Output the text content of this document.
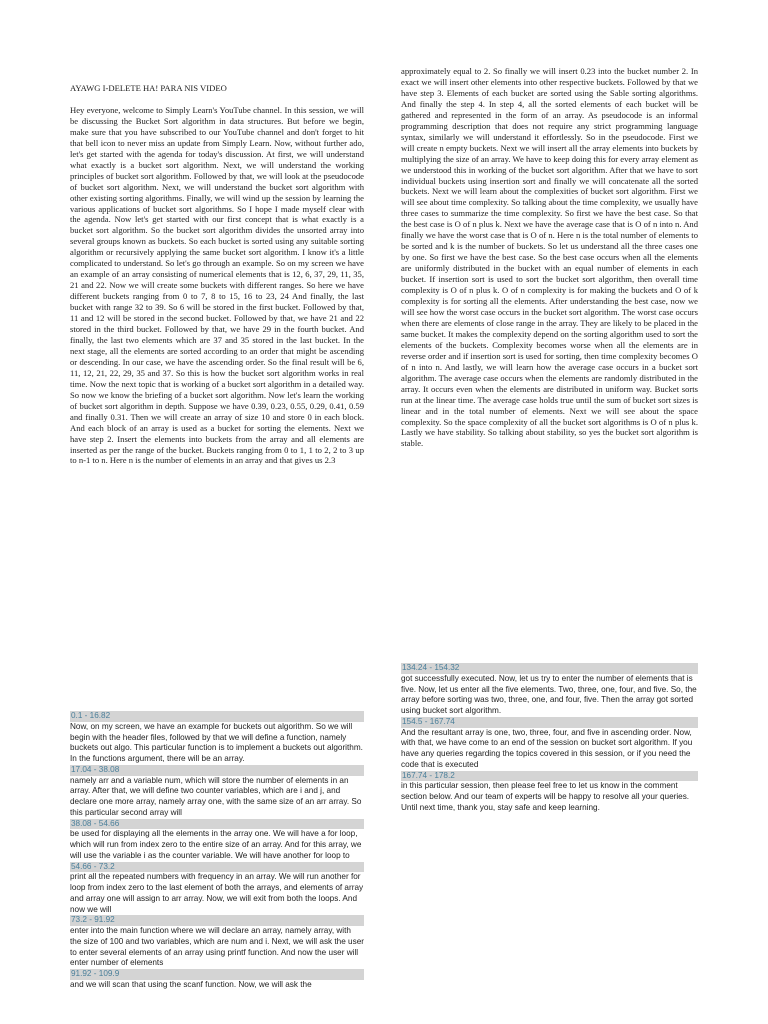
AYAWG I-DELETE HA! PARA NIS VIDEO

Hey everyone, welcome to Simply Learn's YouTube channel. In this session, we will be discussing the Bucket Sort algorithm in data structures. But before we begin, make sure that you have subscribed to our YouTube channel and don't forget to hit that bell icon to never miss an update from Simply Learn. Now, without further ado, let's get started with the agenda for today's discussion. At first, we will understand what exactly is a bucket sort algorithm. Next, we will understand the working principles of bucket sort algorithm. Followed by that, we will look at the pseudocode of bucket sort algorithm. Next, we will understand the bucket sort algorithm with other existing sorting algorithms. Finally, we will wind up the session by learning the various applications of bucket sort algorithms. So I hope I made myself clear with the agenda. Now let's get started with our first concept that is what exactly is a bucket sort algorithm. So the bucket sort algorithm divides the unsorted array into several groups known as buckets. So each bucket is sorted using any suitable sorting algorithm or recursively applying the same bucket sort algorithm. I know it's a little complicated to understand. So let's go through an example. So on my screen we have an example of an array consisting of numerical elements that is 12, 6, 37, 29, 11, 35, 21 and 22. Now we will create some buckets with different ranges. So here we have different buckets ranging from 0 to 7, 8 to 15, 16 to 23, 24 And finally, the last bucket with range 32 to 39. So 6 will be stored in the first bucket. Followed by that, 11 and 12 will be stored in the second bucket. Followed by that, we have 21 and 22 stored in the third bucket. Followed by that, we have 29 in the fourth bucket. And finally, the last two elements which are 37 and 35 stored in the last bucket. In the next stage, all the elements are sorted according to an order that might be ascending or descending. In our case, we have the ascending order. So the final result will be 6, 11, 12, 21, 22, 29, 35 and 37. So this is how the bucket sort algorithm works in real time. Now the next topic that is working of a bucket sort algorithm in a detailed way. So now we know the briefing of a bucket sort algorithm. Now let's learn the working of bucket sort algorithm in depth. Suppose we have 0.39, 0.23, 0.55, 0.29, 0.41, 0.59 and finally 0.31. Then we will create an array of size 10 and store 0 in each block. And each block of an array is used as a bucket for sorting the elements. Next we have step 2. Insert the elements into buckets from the array and all elements are inserted as per the range of the bucket. Buckets ranging from 0 to 1, 1 to 2, 2 to 3 up to n-1 to n. Here n is the number of elements in an array and that gives us 2.3

approximately equal to 2. So finally we will insert 0.23 into the bucket number 2. In exact we will insert other elements into other respective buckets. Followed by that we have step 3. Elements of each bucket are sorted using the Sable sorting algorithms. And finally the step 4. In step 4, all the sorted elements of each bucket will be gathered and represented in the form of an array. As pseudocode is an informal programming description that does not require any strict programming language syntax, similarly we will understand it effortlessly. So in the pseudocode. First we will create n empty buckets. Next we will insert all the array elements into buckets by multiplying the size of an array. We have to keep doing this for every array element as we understood this in working of the bucket sort algorithm. After that we have to sort individual buckets using insertion sort and finally we will concatenate all the sorted buckets. Next we will learn about the complexities of bucket sort algorithm. First we will see about time complexity. So talking about the time complexity, we usually have three cases to summarize the time complexity. So first we have the best case. So that the best case is O of n plus k. Next we have the average case that is O of n into n. And finally we have the worst case that is O of n. Here n is the total number of elements to be sorted and k is the number of buckets. So let us understand all the three cases one by one. So first we have the best case. So the best case occurs when all the elements are uniformly distributed in the bucket with an equal number of elements in each bucket. If insertion sort is used to sort the bucket sort algorithm, then overall time complexity is O of n plus k. O of n complexity is for making the buckets and O of k complexity is for sorting all the elements. After understanding the best case, now we will see how the worst case occurs in the bucket sort algorithm. The worst case occurs when there are elements of close range in the array. They are likely to be placed in the same bucket. It makes the complexity depend on the sorting algorithm used to sort the elements of the buckets. Complexity becomes worse when all the elements are in reverse order and if insertion sort is used for sorting, then time complexity becomes O of n into n. And lastly, we will learn how the average case occurs in a bucket sort algorithm. The average case occurs when the elements are randomly distributed in the array. It occurs even when the elements are distributed in uniform way. Bucket sorts run at the linear time. The average case holds true until the sum of bucket sort sizes is linear and in the total number of elements. Next we will see about the space complexity. So the space complexity of all the bucket sort algorithms is O of n plus k. Lastly we have stability. So talking about stability, so yes the bucket sort algorithm is stable.

0.1 - 16.82

Now, on my screen, we have an example for buckets out algorithm. So we will begin with the header files, followed by that we will define a function, namely buckets out algo. This particular function is to implement a buckets out algorithm. In the functions argument, there will be an array.

17.04 - 38.08

namely arr and a variable num, which will store the number of elements in an array. After that, we will define two counter variables, which are i and j, and declare one more array, namely array one, with the same size of an arr array. So this particular second array will

38.08 - 54.66

be used for displaying all the elements in the array one. We will have a for loop, which will run from index zero to the entire size of an array. And for this array, we will use the variable i as the counter variable. We will have another for loop to

54.66 - 73.2

print all the repeated numbers with frequency in an array. We will run another for loop from index zero to the last element of both the arrays, and elements of array and array one will assign to arr array. Now, we will exit from both the loops. And now we will

73.2 - 91.92

enter into the main function where we will declare an array, namely array, with the size of 100 and two variables, which are num and i. Next, we will ask the user to enter several elements of an array using printf function. And now the user will enter number of elements

91.92 - 109.9

and we will scan that using the scanf function. Now, we will ask the

134.24 - 154.32

got successfully executed. Now, let us try to enter the number of elements that is five. Now, let us enter all the five elements. Two, three, one, four, and five. So, the array before sorting was two, three, one, and four, five. Then the array got sorted using bucket sort algorithm.

154.5 - 167.74

And the resultant array is one, two, three, four, and five in ascending order. Now, with that, we have come to an end of the session on bucket sort algorithm. If you have any queries regarding the topics covered in this session, or if you need the code that is executed

167.74 - 178.2

in this particular session, then please feel free to let us know in the comment section below. And our team of experts will be happy to resolve all your queries. Until next time, thank you, stay safe and keep learning.
